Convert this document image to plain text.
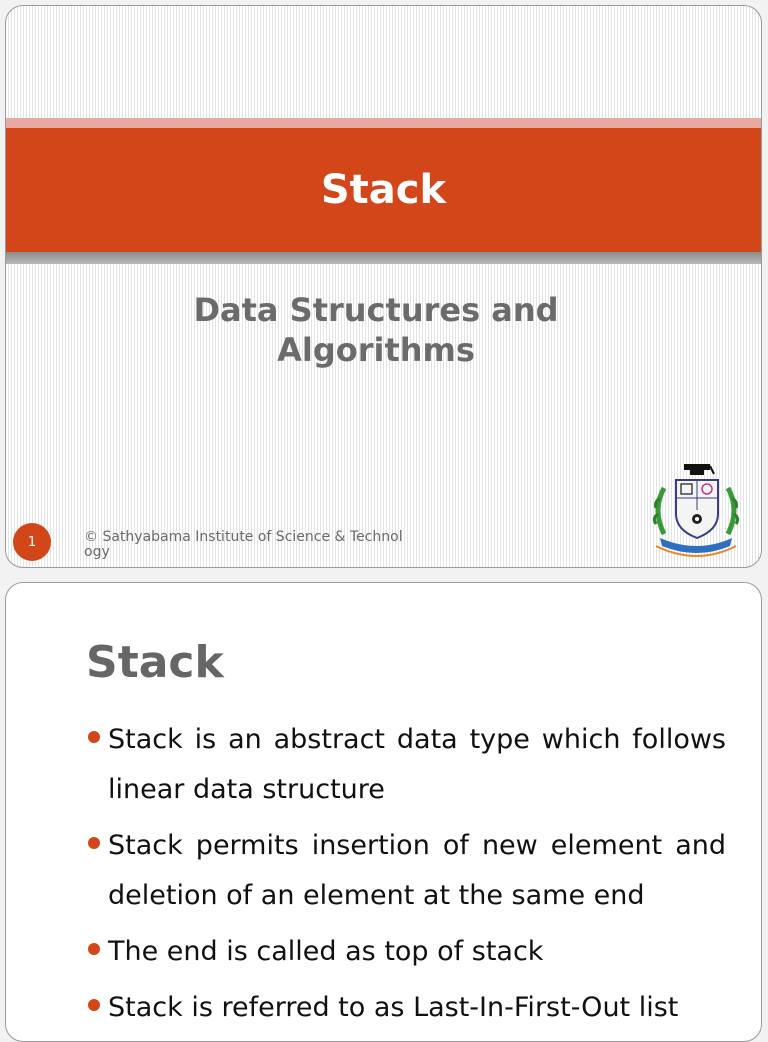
Stack
Data Structures and Algorithms
1	© Sathyabama Institute of Science & Technology
Stack
Stack is an abstract data type which follows linear data structure
Stack permits insertion of new element and deletion of an element at the same end
The end is called as top of stack
Stack is referred to as Last-In-First-Out list
